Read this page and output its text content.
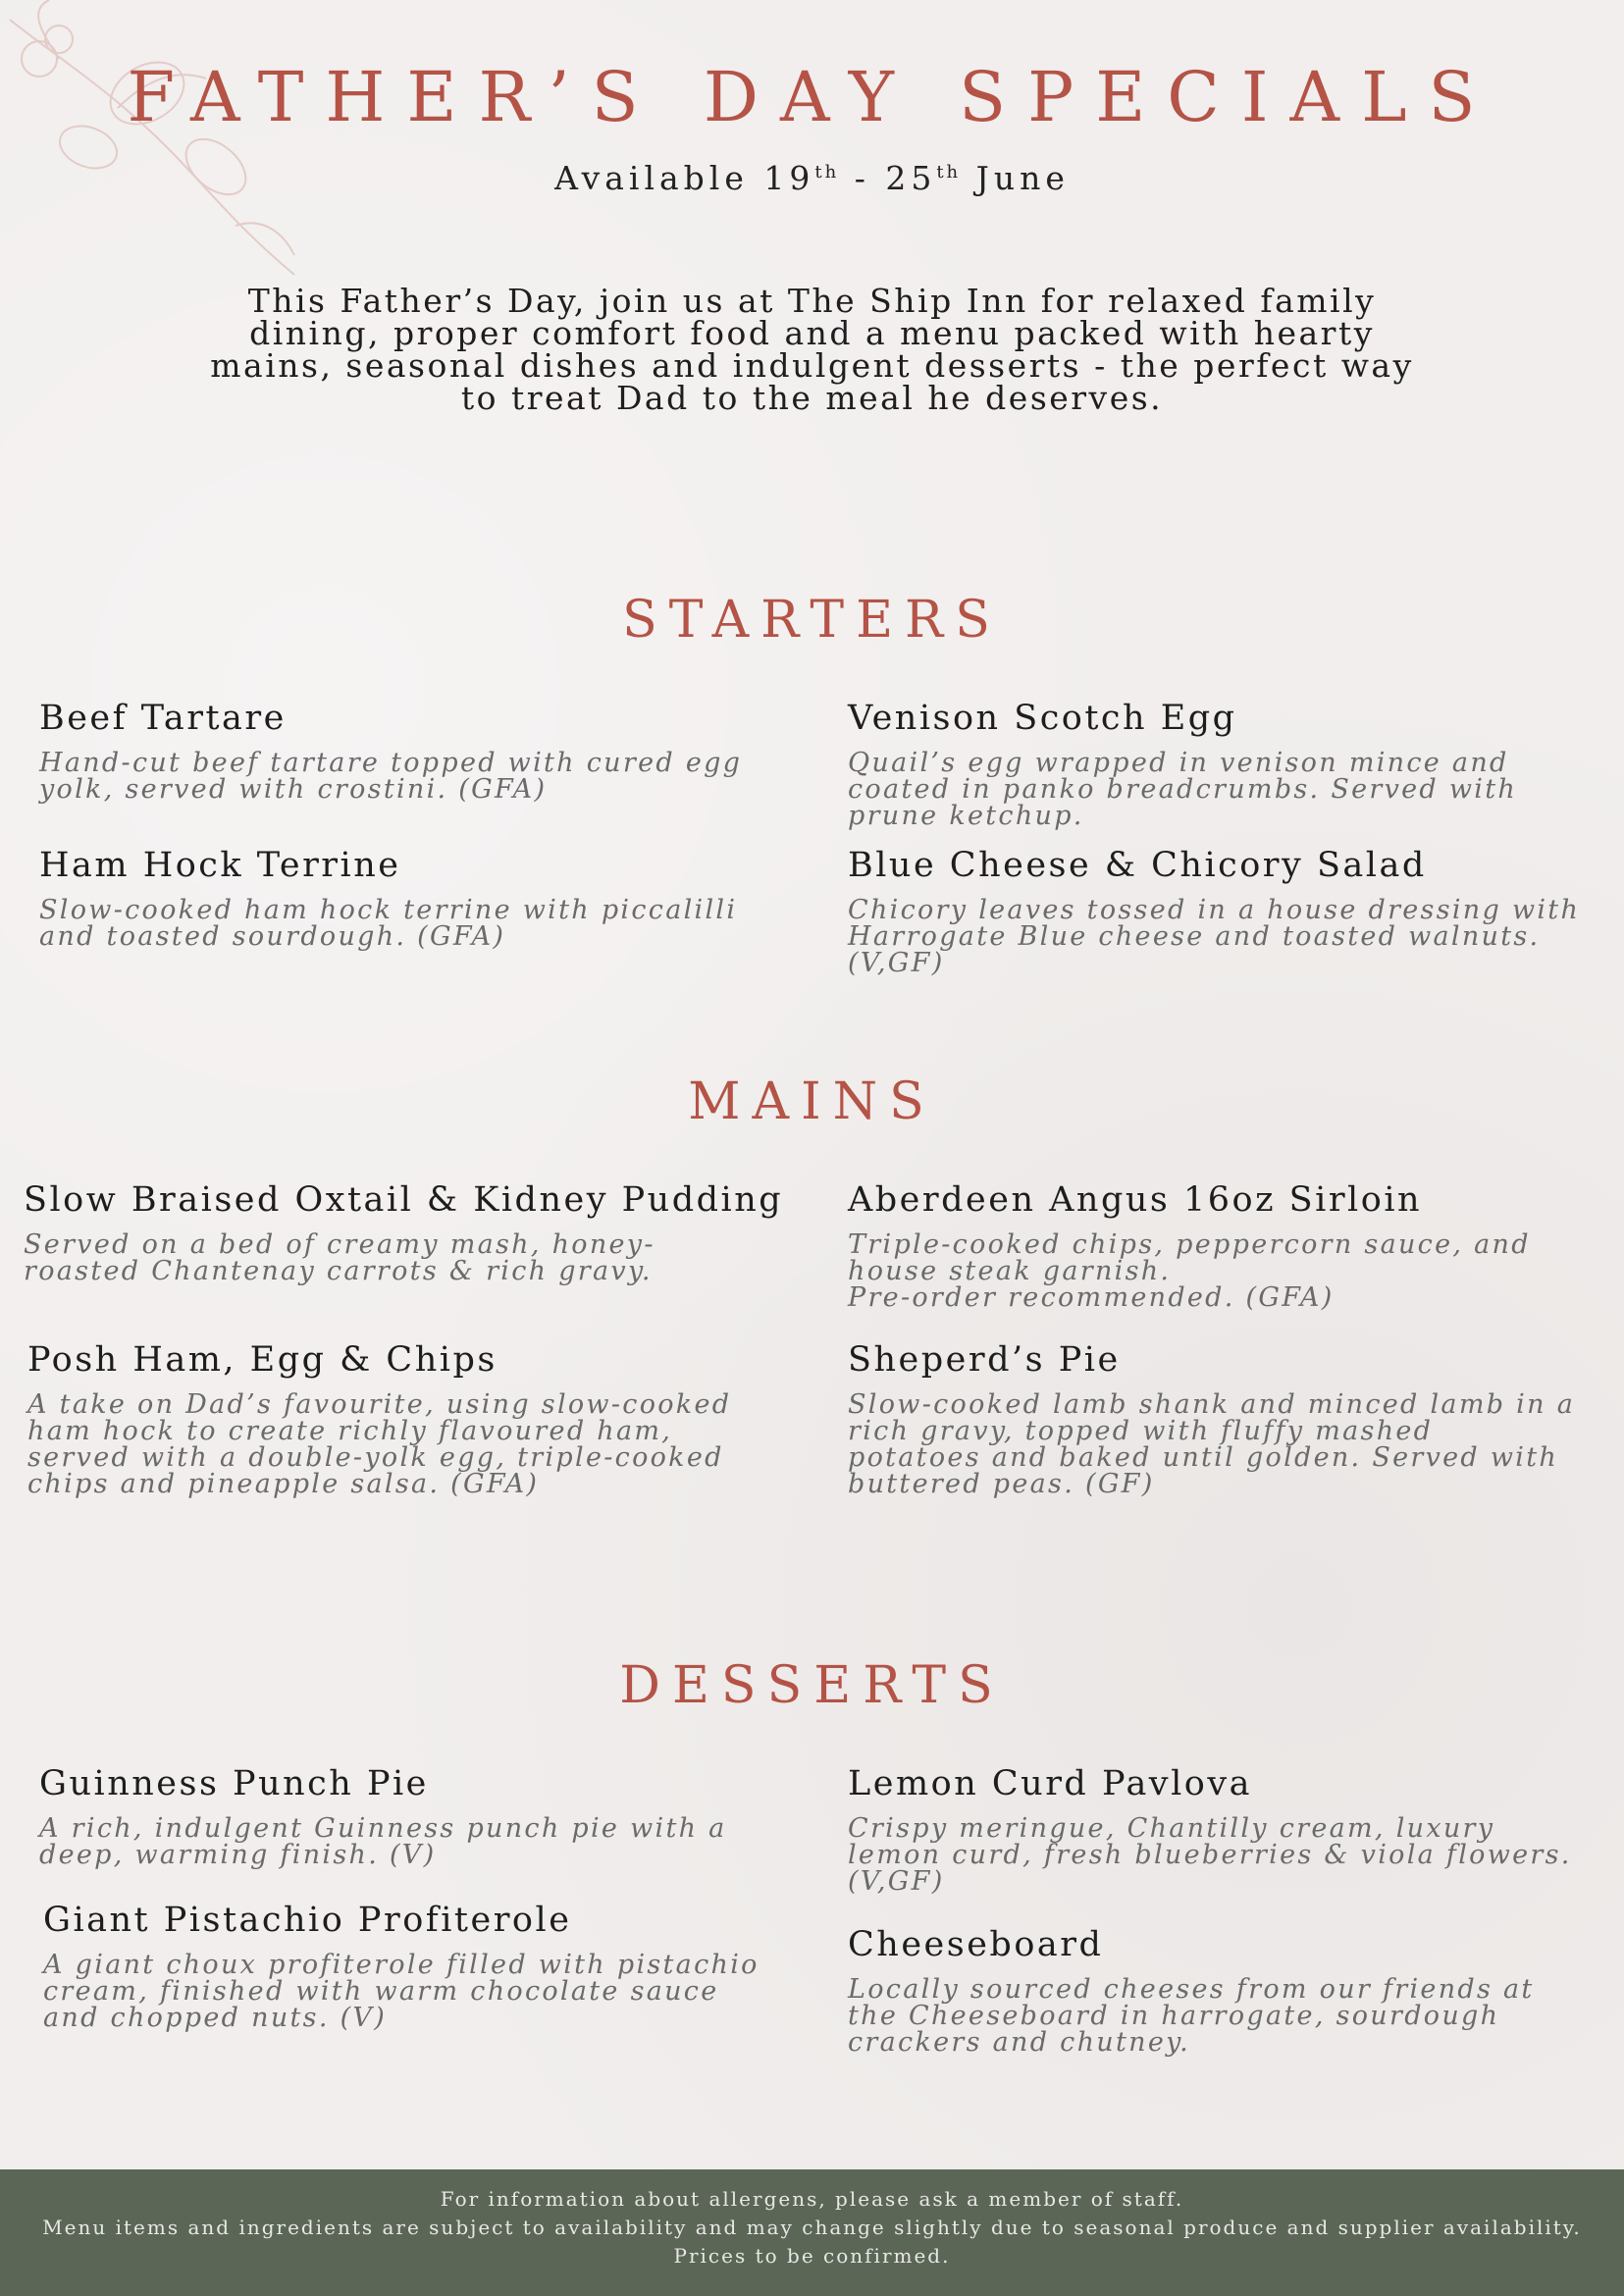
FATHER’S DAY SPECIALS
Available 19th - 25th June
This Father’s Day, join us at The Ship Inn for relaxed family
dining, proper comfort food and a menu packed with hearty
mains, seasonal dishes and indulgent desserts - the perfect way
to treat Dad to the meal he deserves.
STARTERS
Beef Tartare
Hand-cut beef tartare topped with cured egg
yolk, served with crostini. (GFA)
Venison Scotch Egg
Quail’s egg wrapped in venison mince and
coated in panko breadcrumbs. Served with
prune ketchup.
Ham Hock Terrine
Slow-cooked ham hock terrine with piccalilli
and toasted sourdough. (GFA)
Blue Cheese & Chicory Salad
Chicory leaves tossed in a house dressing with
Harrogate Blue cheese and toasted walnuts.
(V,GF)
MAINS
Slow Braised Oxtail & Kidney Pudding
Served on a bed of creamy mash, honey-
roasted Chantenay carrots & rich gravy.
Aberdeen Angus 16oz Sirloin
Triple-cooked chips, peppercorn sauce, and
house steak garnish.
Pre-order recommended. (GFA)
Posh Ham, Egg & Chips
A take on Dad’s favourite, using slow-cooked
ham hock to create richly flavoured ham,
served with a double-yolk egg, triple-cooked
chips and pineapple salsa. (GFA)
Sheperd’s Pie
Slow-cooked lamb shank and minced lamb in a
rich gravy, topped with fluffy mashed
potatoes and baked until golden. Served with
buttered peas. (GF)
DESSERTS
Guinness Punch Pie
A rich, indulgent Guinness punch pie with a
deep, warming finish. (V)
Lemon Curd Pavlova
Crispy meringue, Chantilly cream, luxury
lemon curd, fresh blueberries & viola flowers.
(V,GF)
Giant Pistachio Profiterole
A giant choux profiterole filled with pistachio
cream, finished with warm chocolate sauce
and chopped nuts. (V)
Cheeseboard
Locally sourced cheeses from our friends at
the Cheeseboard in harrogate, sourdough
crackers and chutney.
For information about allergens, please ask a member of staff.
Menu items and ingredients are subject to availability and may change slightly due to seasonal produce and supplier availability.
Prices to be confirmed.
